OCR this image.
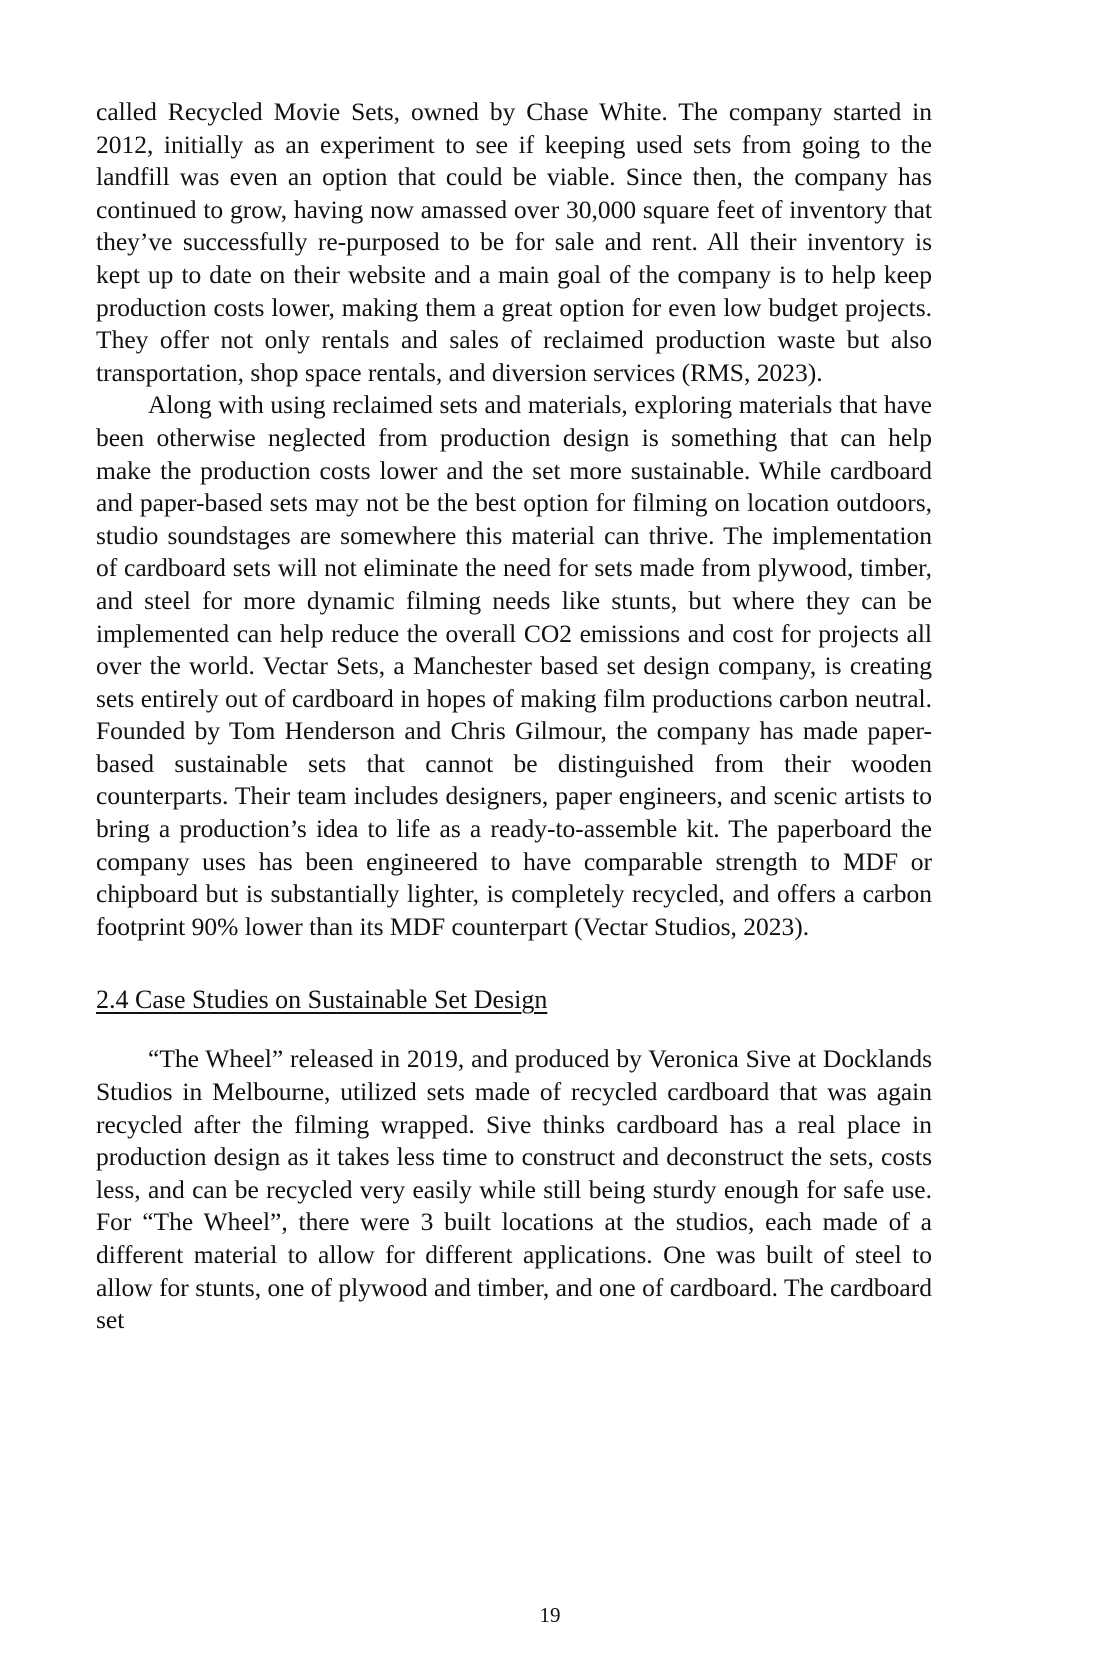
called Recycled Movie Sets, owned by Chase White. The company started in 2012, initially as an experiment to see if keeping used sets from going to the landfill was even an option that could be viable. Since then, the company has continued to grow, having now amassed over 30,000 square feet of inventory that they’ve successfully re-purposed to be for sale and rent. All their inventory is kept up to date on their website and a main goal of the company is to help keep production costs lower, making them a great option for even low budget projects. They offer not only rentals and sales of reclaimed production waste but also transportation, shop space rentals, and diversion services (RMS, 2023).

Along with using reclaimed sets and materials, exploring materials that have been otherwise neglected from production design is something that can help make the production costs lower and the set more sustainable. While cardboard and paper-based sets may not be the best option for filming on location outdoors, studio soundstages are somewhere this material can thrive. The implementation of cardboard sets will not eliminate the need for sets made from plywood, timber, and steel for more dynamic filming needs like stunts, but where they can be implemented can help reduce the overall CO2 emissions and cost for projects all over the world. Vectar Sets, a Manchester based set design company, is creating sets entirely out of cardboard in hopes of making film productions carbon neutral. Founded by Tom Henderson and Chris Gilmour, the company has made paper-based sustainable sets that cannot be distinguished from their wooden counterparts. Their team includes designers, paper engineers, and scenic artists to bring a production’s idea to life as a ready-to-assemble kit. The paperboard the company uses has been engineered to have comparable strength to MDF or chipboard but is substantially lighter, is completely recycled, and offers a carbon footprint 90% lower than its MDF counterpart (Vectar Studios, 2023).

2.4 Case Studies on Sustainable Set Design

“The Wheel” released in 2019, and produced by Veronica Sive at Docklands Studios in Melbourne, utilized sets made of recycled cardboard that was again recycled after the filming wrapped. Sive thinks cardboard has a real place in production design as it takes less time to construct and deconstruct the sets, costs less, and can be recycled very easily while still being sturdy enough for safe use. For “The Wheel”, there were 3 built locations at the studios, each made of a different material to allow for different applications. One was built of steel to allow for stunts, one of plywood and timber, and one of cardboard. The cardboard set

19
